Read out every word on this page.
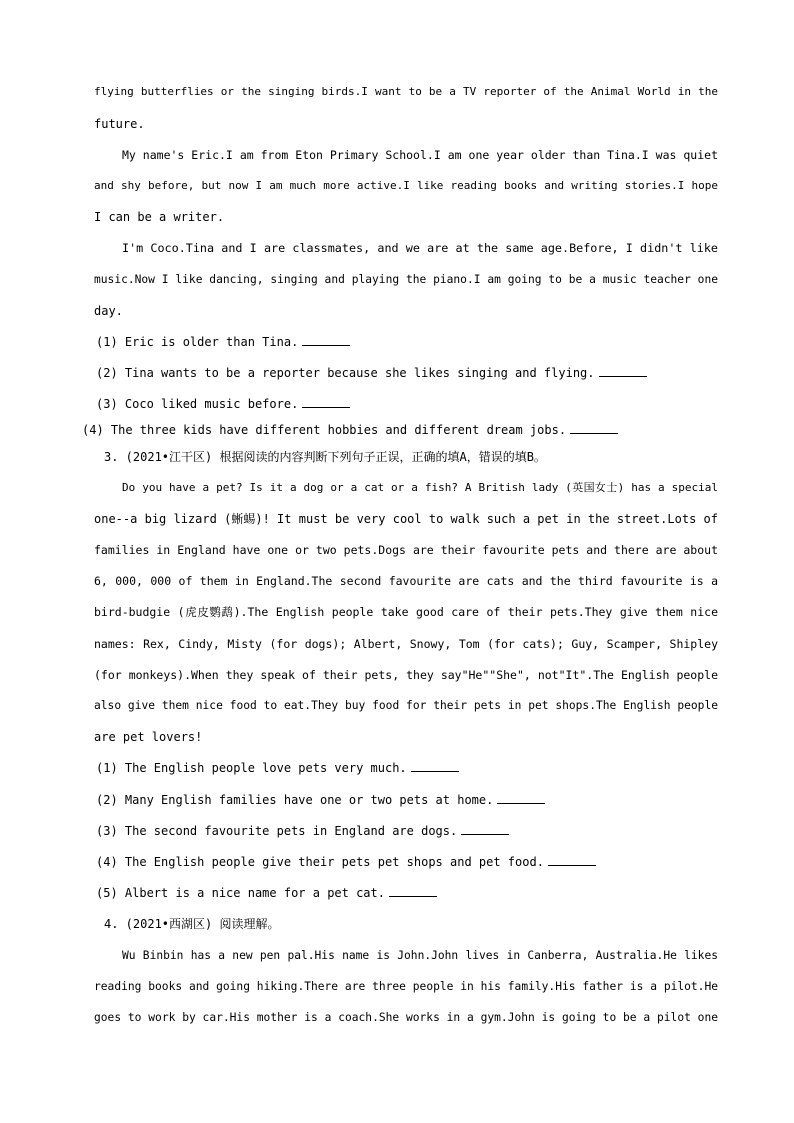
flying butterflies or the singing birds.I want to be a TV reporter of the Animal World in the
future.
My name's Eric.I am from Eton Primary School.I am one year older than Tina.I was quiet
and shy before, but now I am much more active.I like reading books and writing stories.I hope
I can be a writer.
I'm Coco.Tina and I are classmates, and we are at the same age.Before, I didn't like
music.Now I like dancing, singing and playing the piano.I am going to be a music teacher one
day.
(1) Eric is older than Tina.
(2) Tina wants to be a reporter because she likes singing and flying.
(3) Coco liked music before.
(4) The three kids have different hobbies and different dream jobs.
3. (2021•江干区) 根据阅读的内容判断下列句子正误，正确的填A，错误的填B。
Do you have a pet? Is it a dog or a cat or a fish? A British lady (英国女士) has a special
one--a big lizard (蜥蜴)! It must be very cool to walk such a pet in the street.Lots of
families in England have one or two pets.Dogs are their favourite pets and there are about
6, 000, 000 of them in England.The second favourite are cats and the third favourite is a
bird-budgie (虎皮鹦鹉).The English people take good care of their pets.They give them nice
names: Rex, Cindy, Misty (for dogs); Albert, Snowy, Tom (for cats); Guy, Scamper, Shipley
(for monkeys).When they speak of their pets, they say"He""She", not"It".The English people
also give them nice food to eat.They buy food for their pets in pet shops.The English people
are pet lovers!
(1) The English people love pets very much.
(2) Many English families have one or two pets at home.
(3) The second favourite pets in England are dogs.
(4) The English people give their pets pet shops and pet food.
(5) Albert is a nice name for a pet cat.
4. (2021•西湖区) 阅读理解。
Wu Binbin has a new pen pal.His name is John.John lives in Canberra, Australia.He likes
reading books and going hiking.There are three people in his family.His father is a pilot.He
goes to work by car.His mother is a coach.She works in a gym.John is going to be a pilot one
